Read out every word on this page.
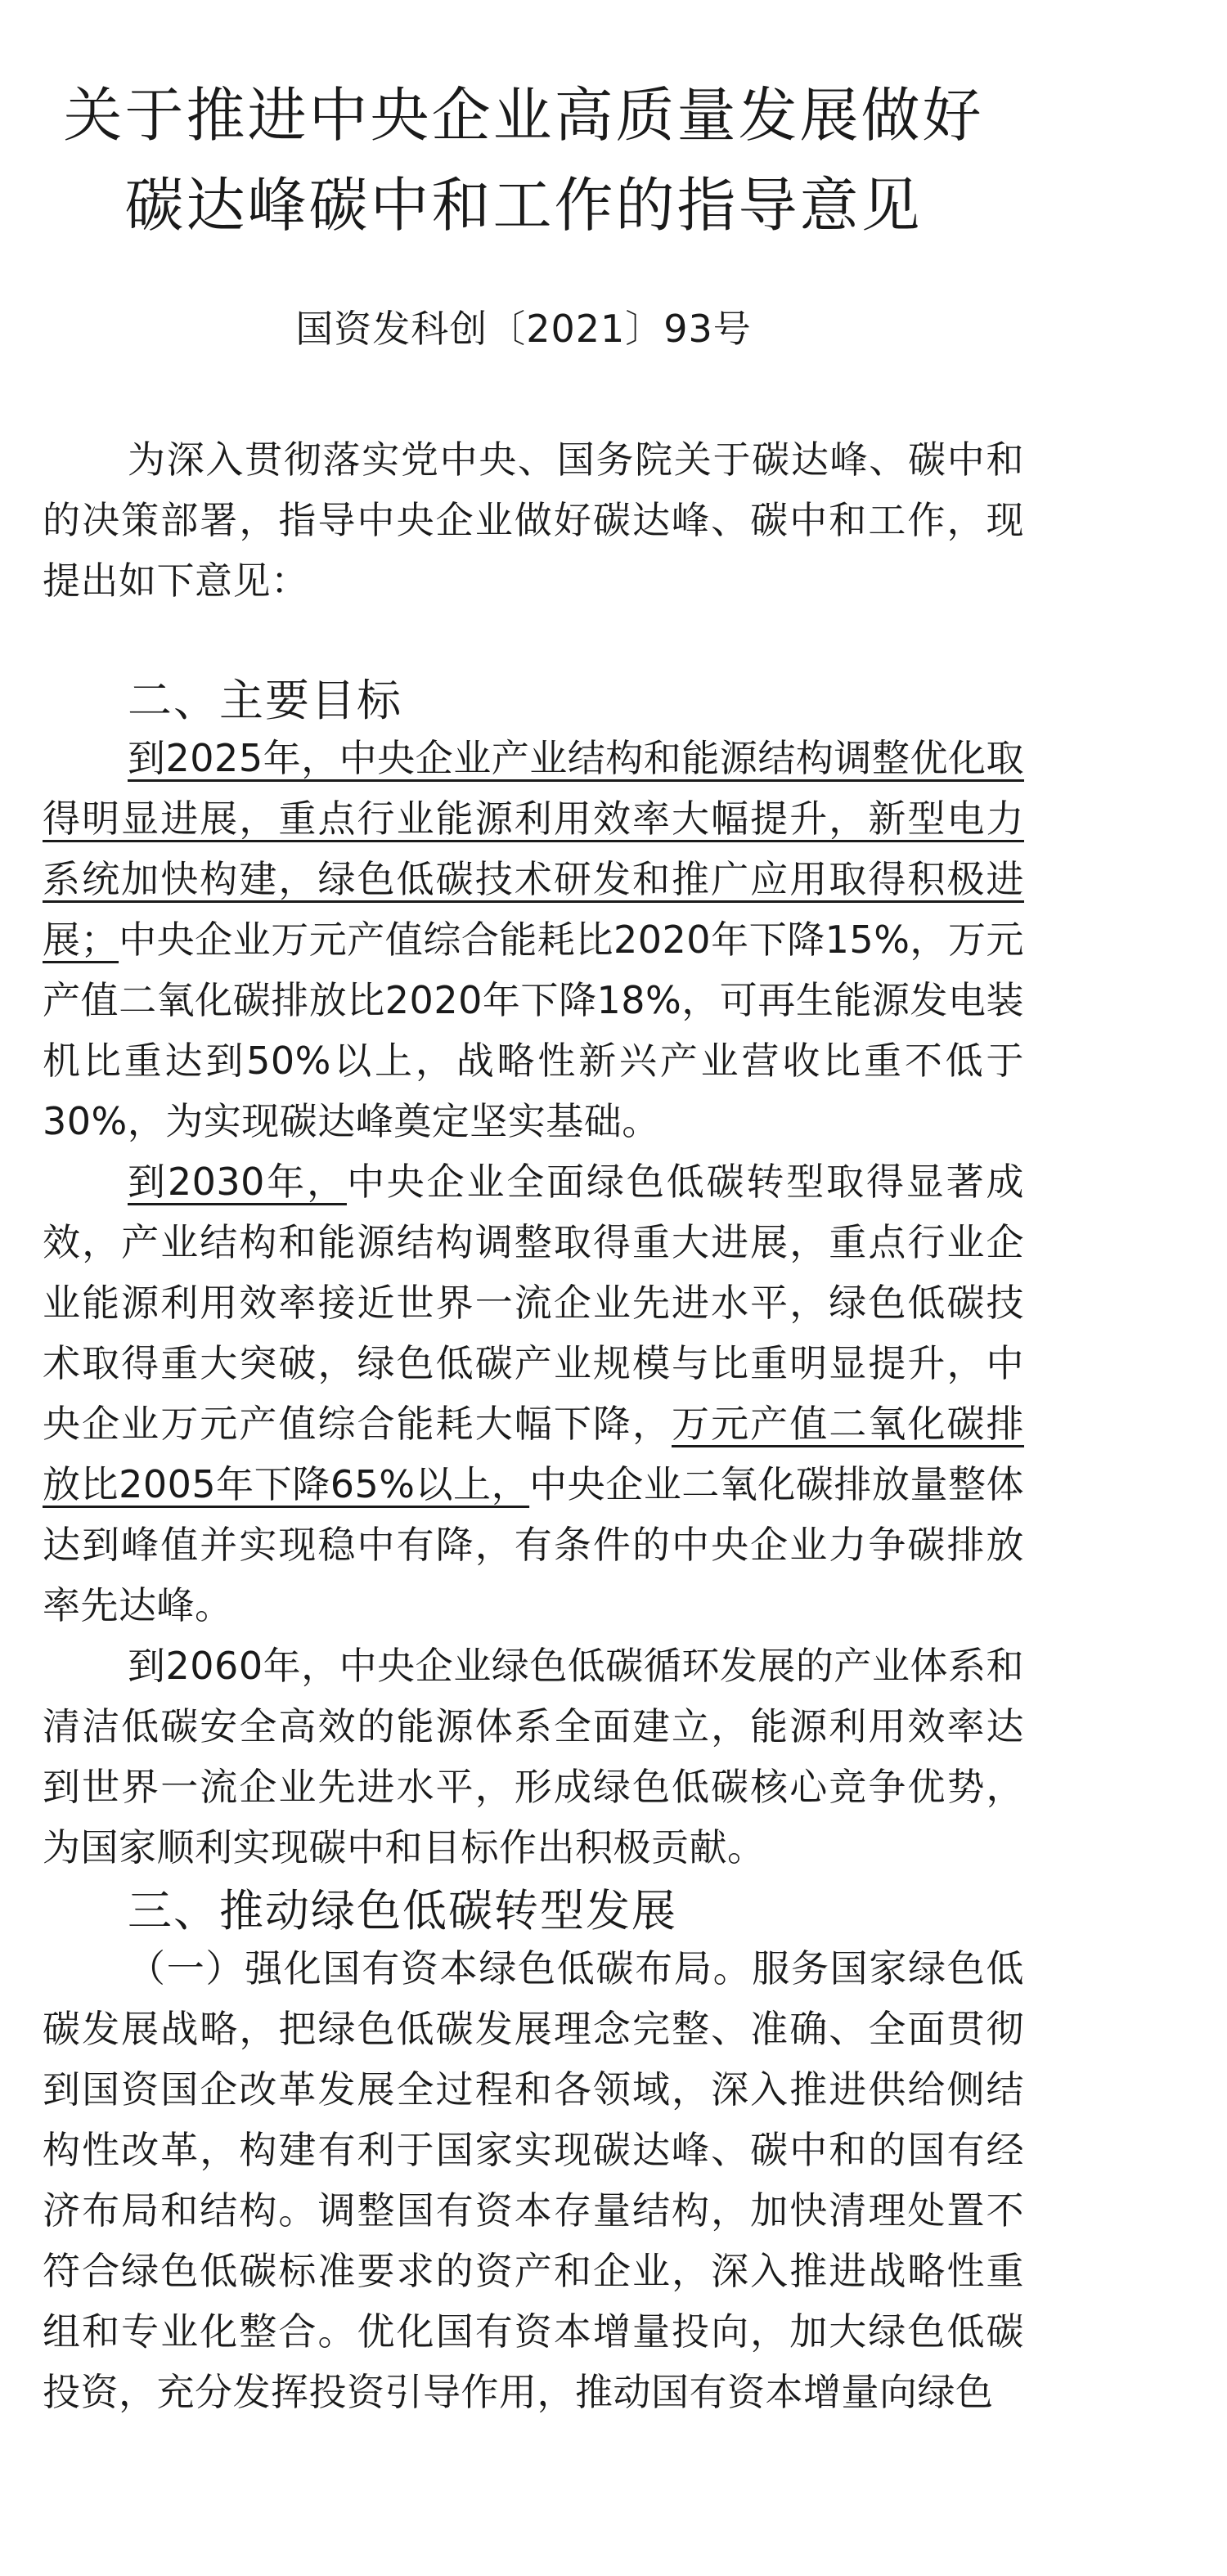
关于推进中央企业高质量发展做好
碳达峰碳中和工作的指导意见
国资发科创〔2021〕93号

为深入贯彻落实党中央、国务院关于碳达峰、碳中和的决策部署，指导中央企业做好碳达峰、碳中和工作，现提出如下意见：

二、主要目标

到2025年，中央企业产业结构和能源结构调整优化取得明显进展，重点行业能源利用效率大幅提升，新型电力系统加快构建，绿色低碳技术研发和推广应用取得积极进展；中央企业万元产值综合能耗比2020年下降15%，万元产值二氧化碳排放比2020年下降18%，可再生能源发电装机比重达到50%以上，战略性新兴产业营收比重不低于30%，为实现碳达峰奠定坚实基础。

到2030年，中央企业全面绿色低碳转型取得显著成效，产业结构和能源结构调整取得重大进展，重点行业企业能源利用效率接近世界一流企业先进水平，绿色低碳技术取得重大突破，绿色低碳产业规模与比重明显提升，中央企业万元产值综合能耗大幅下降，万元产值二氧化碳排放比2005年下降65%以上，中央企业二氧化碳排放量整体达到峰值并实现稳中有降，有条件的中央企业力争碳排放率先达峰。

到2060年，中央企业绿色低碳循环发展的产业体系和清洁低碳安全高效的能源体系全面建立，能源利用效率达到世界一流企业先进水平，形成绿色低碳核心竞争优势，为国家顺利实现碳中和目标作出积极贡献。

三、推动绿色低碳转型发展

（一）强化国有资本绿色低碳布局。服务国家绿色低碳发展战略，把绿色低碳发展理念完整、准确、全面贯彻到国资国企改革发展全过程和各领域，深入推进供给侧结构性改革，构建有利于国家实现碳达峰、碳中和的国有经济布局和结构。调整国有资本存量结构，加快清理处置不符合绿色低碳标准要求的资产和企业，深入推进战略性重组和专业化整合。优化国有资本增量投向，加大绿色低碳投资，充分发挥投资引导作用，推动国有资本增量向绿色
